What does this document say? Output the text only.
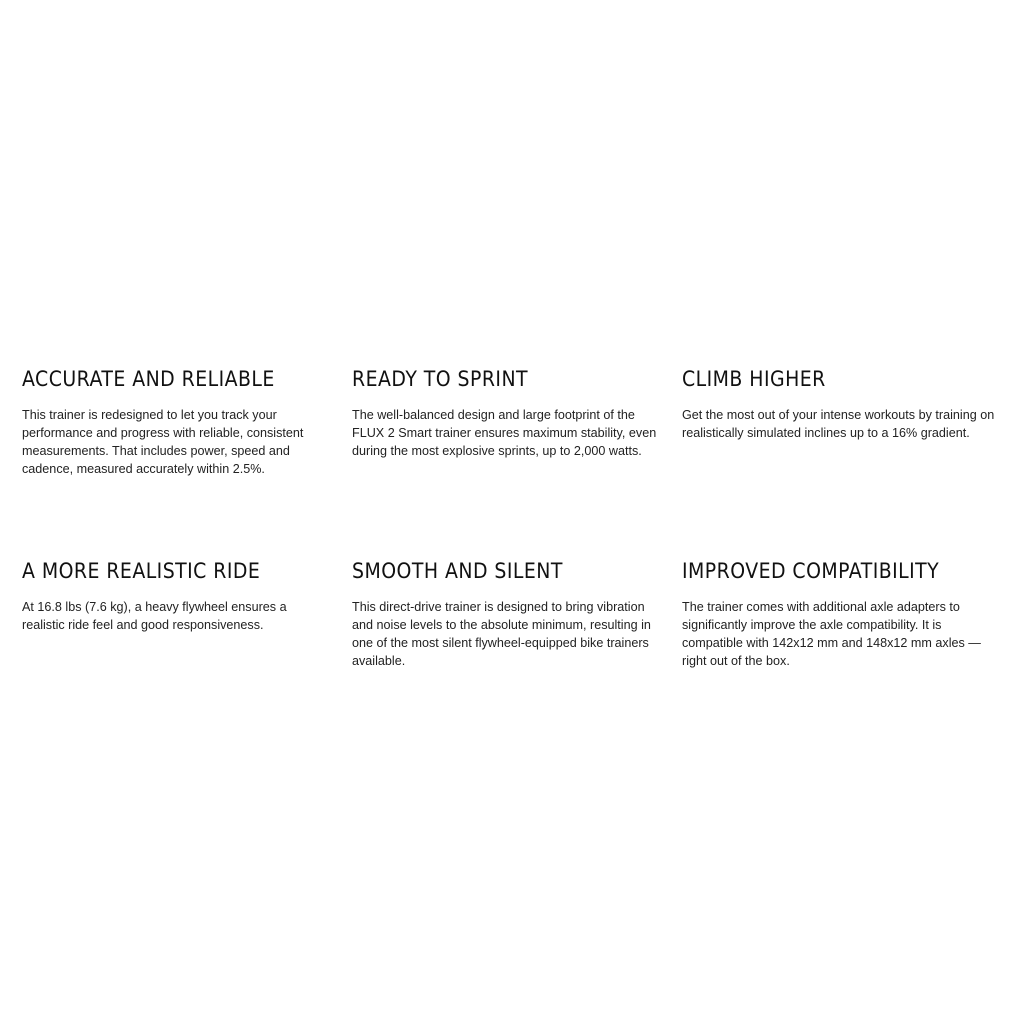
ACCURATE AND RELIABLE

This trainer is redesigned to let you track your performance and progress with reliable, consistent measurements. That includes power, speed and cadence, measured accurately within 2.5%.

READY TO SPRINT

The well-balanced design and large footprint of the FLUX 2 Smart trainer ensures maximum stability, even during the most explosive sprints, up to 2,000 watts.

CLIMB HIGHER

Get the most out of your intense workouts by training on realistically simulated inclines up to a 16% gradient.

A MORE REALISTIC RIDE

At 16.8 lbs (7.6 kg), a heavy flywheel ensures a realistic ride feel and good responsiveness.

SMOOTH AND SILENT

This direct-drive trainer is designed to bring vibration and noise levels to the absolute minimum, resulting in one of the most silent flywheel-equipped bike trainers available.

IMPROVED COMPATIBILITY

The trainer comes with additional axle adapters to significantly improve the axle compatibility. It is compatible with 142x12 mm and 148x12 mm axles — right out of the box.
